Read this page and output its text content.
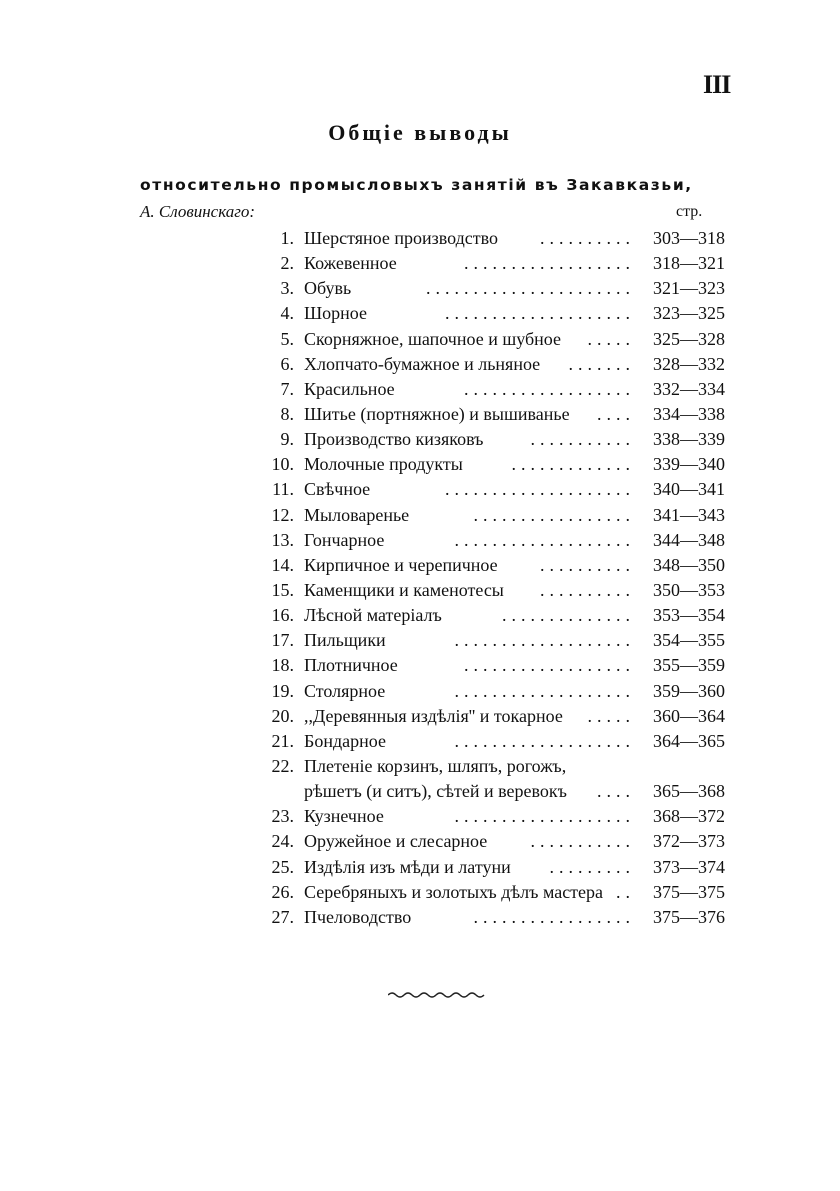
III
Общіе выводы
относительно промысловыхъ занятій въ Закавказьи,
А. Словинскаго:	стр.
1. Шерстяное производство	.......... 303—318
2. Кожевенное	.................. 318—321
3. Обувь	...................... 321—323
4. Шорное	.................... 323—325
5. Скорняжное, шапочное и шубное	..... 325—328
6. Хлопчато-бумажное и льняное	....... 328—332
7. Красильное	.................. 332—334
8. Шитье (портняжное) и вышиванье	.... 334—338
9. Производство кизяковъ	........... 338—339
10. Молочные продукты	............. 339—340
11. Свѣчное	.................... 340—341
12. Мыловаренье	................. 341—343
13. Гончарное	................... 344—348
14. Кирпичное и черепичное	.......... 348—350
15. Каменщики и каменотесы	.......... 350—353
16. Лѣсной матеріалъ	.............. 353—354
17. Пильщики	................... 354—355
18. Плотничное	.................. 355—359
19. Столярное	................... 359—360
20. ,,Деревянныя издѣлія'' и токарное	..... 360—364
21. Бондарное	................... 364—365
22. Плетеніе корзинъ, шляпъ, рогожъ,
рѣшетъ (и ситъ), сѣтей и веревокъ	.... 365—368
23. Кузнечное	................... 368—372
24. Оружейное и слесарное	........... 372—373
25. Издѣлія изъ мѣди и латуни	......... 373—374
26. Серебряныхъ и золотыхъ дѣлъ мастера .. 375—375
27. Пчеловодство	................. 375—376
